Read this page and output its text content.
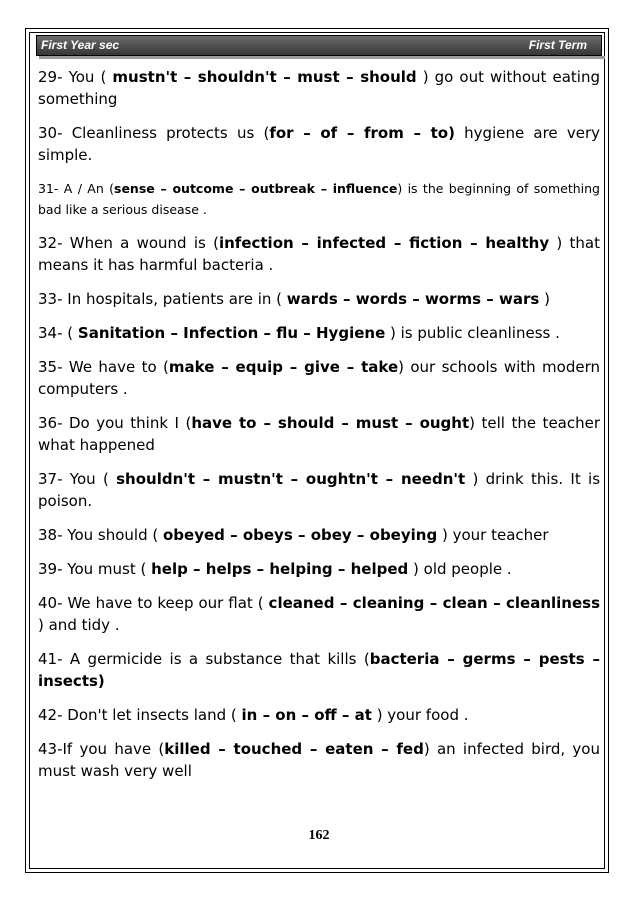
First Year sec	First Term
29- You ( mustn't – shouldn't – must – should ) go out without eating something
30- Cleanliness protects us (for – of – from – to) hygiene are very simple.
31- A / An (sense – outcome – outbreak – influence) is the beginning of something bad like a serious disease .
32- When a wound is (infection – infected – fiction – healthy ) that means it has harmful bacteria .
33- In hospitals, patients are in ( wards – words – worms – wars )
34- ( Sanitation – Infection – flu – Hygiene ) is public cleanliness .
35- We have to (make – equip – give – take) our schools with modern computers .
36- Do you think I (have to – should – must – ought) tell the teacher what happened
37- You ( shouldn't – mustn't – oughtn't – needn't ) drink this. It is poison.
38- You should ( obeyed – obeys – obey – obeying ) your teacher
39- You must ( help – helps – helping – helped ) old people .
40- We have to keep our flat ( cleaned – cleaning – clean – cleanliness ) and tidy .
41- A germicide is a substance that kills (bacteria – germs – pests – insects)
42- Don't let insects land ( in – on – off – at ) your food .
43-If you have (killed – touched – eaten – fed) an infected bird, you must wash very well
162
